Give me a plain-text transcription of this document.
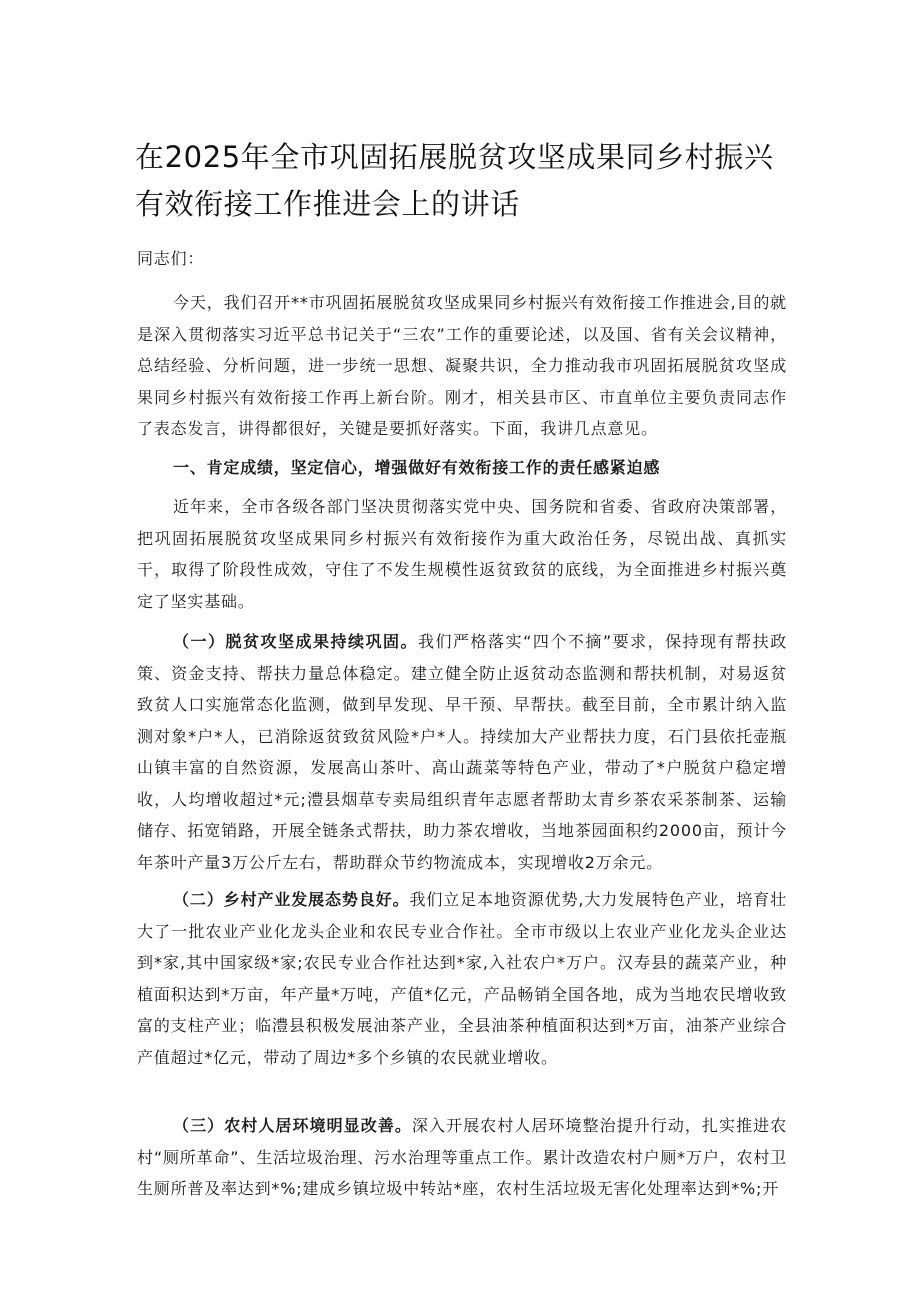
在2025年全市巩固拓展脱贫攻坚成果同乡村振兴有效衔接工作推进会上的讲话

同志们：

今天，我们召开**市巩固拓展脱贫攻坚成果同乡村振兴有效衔接工作推进会,目的就是深入贯彻落实习近平总书记关于“三农”工作的重要论述，以及国、省有关会议精神，总结经验、分析问题，进一步统一思想、凝聚共识，全力推动我市巩固拓展脱贫攻坚成果同乡村振兴有效衔接工作再上新台阶。刚才，相关县市区、市直单位主要负责同志作了表态发言，讲得都很好，关键是要抓好落实。下面，我讲几点意见。

一、肯定成绩，坚定信心，增强做好有效衔接工作的责任感紧迫感

近年来，全市各级各部门坚决贯彻落实党中央、国务院和省委、省政府决策部署，把巩固拓展脱贫攻坚成果同乡村振兴有效衔接作为重大政治任务，尽锐出战、真抓实干，取得了阶段性成效，守住了不发生规模性返贫致贫的底线，为全面推进乡村振兴奠定了坚实基础。

（一）脱贫攻坚成果持续巩固。我们严格落实“四个不摘”要求，保持现有帮扶政策、资金支持、帮扶力量总体稳定。建立健全防止返贫动态监测和帮扶机制，对易返贫致贫人口实施常态化监测，做到早发现、早干预、早帮扶。截至目前，全市累计纳入监测对象*户*人，已消除返贫致贫风险*户*人。持续加大产业帮扶力度，石门县依托壶瓶山镇丰富的自然资源，发展高山茶叶、高山蔬菜等特色产业，带动了*户脱贫户稳定增收，人均增收超过*元;澧县烟草专卖局组织青年志愿者帮助太青乡茶农采茶制茶、运输储存、拓宽销路，开展全链条式帮扶，助力茶农增收，当地茶园面积约2000亩，预计今年茶叶产量3万公斤左右，帮助群众节约物流成本，实现增收2万余元。

（二）乡村产业发展态势良好。我们立足本地资源优势,大力发展特色产业，培育壮大了一批农业产业化龙头企业和农民专业合作社。全市市级以上农业产业化龙头企业达到*家,其中国家级*家;农民专业合作社达到*家,入社农户*万户。汉寿县的蔬菜产业，种植面积达到*万亩，年产量*万吨，产值*亿元，产品畅销全国各地，成为当地农民增收致富的支柱产业；临澧县积极发展油茶产业，全县油茶种植面积达到*万亩，油茶产业综合产值超过*亿元，带动了周边*多个乡镇的农民就业增收。

（三）农村人居环境明显改善。深入开展农村人居环境整治提升行动，扎实推进农村“厕所革命”、生活垃圾治理、污水治理等重点工作。累计改造农村户厕*万户，农村卫生厕所普及率达到*%;建成乡镇垃圾中转站*座，农村生活垃圾无害化处理率达到*%;开
